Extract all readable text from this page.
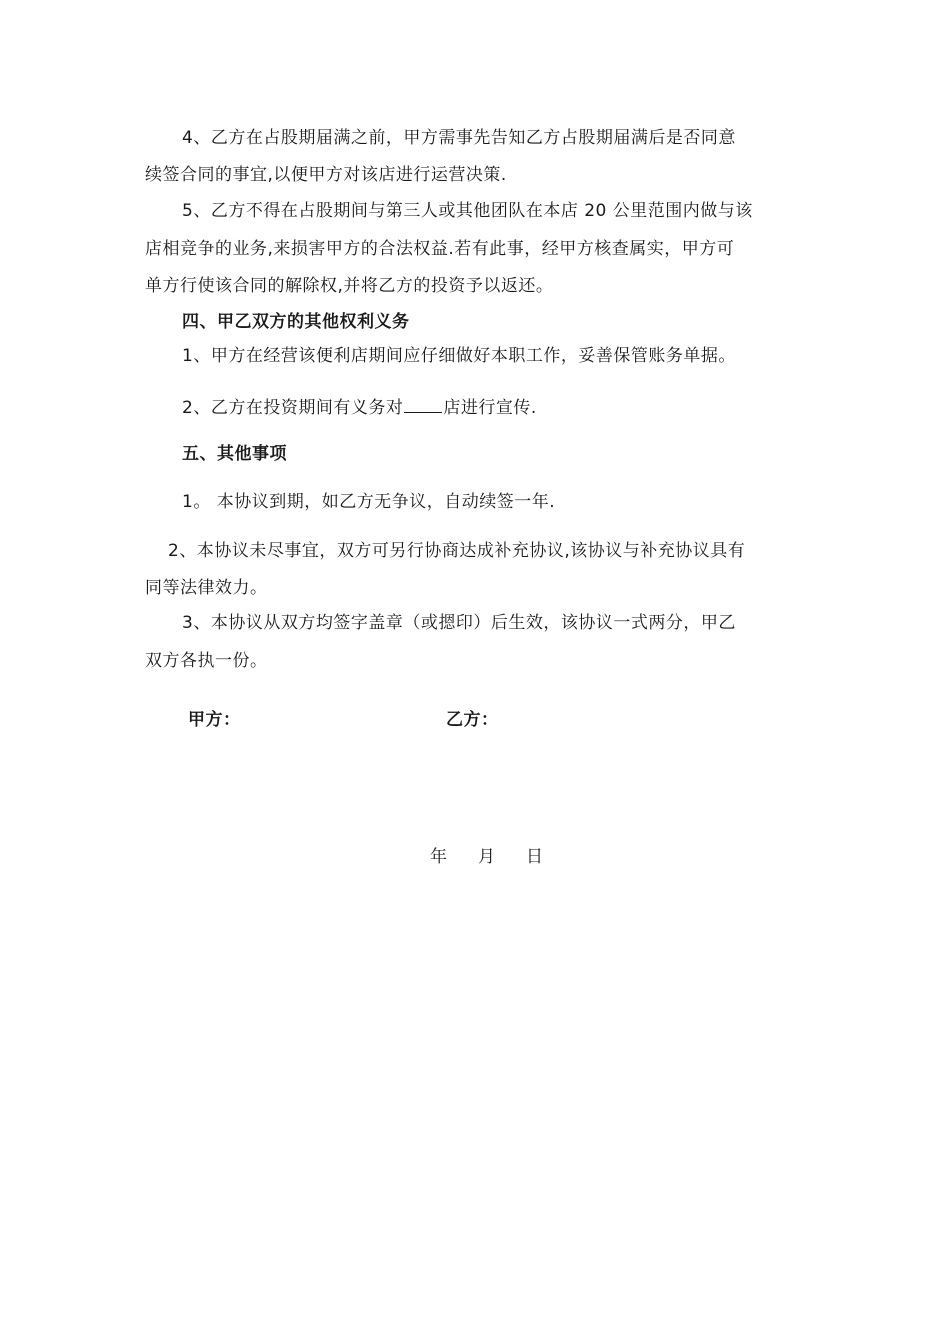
4、乙方在占股期届满之前，甲方需事先告知乙方占股期届满后是否同意
续签合同的事宜,以便甲方对该店进行运营决策.
5、乙方不得在占股期间与第三人或其他团队在本店 20 公里范围内做与该
店相竞争的业务,来损害甲方的合法权益.若有此事，经甲方核查属实，甲方可
单方行使该合同的解除权,并将乙方的投资予以返还。
四、甲乙双方的其他权利义务
1、甲方在经营该便利店期间应仔细做好本职工作，妥善保管账务单据。
2、乙方在投资期间有义务对 店进行宣传.
五、其他事项
1。 本协议到期，如乙方无争议，自动续签一年.
2、本协议未尽事宜，双方可另行协商达成补充协议,该协议与补充协议具有
同等法律效力。
3、本协议从双方均签字盖章（或摁印）后生效，该协议一式两分，甲乙
双方各执一份。
甲方：	乙方：
年 月 日
